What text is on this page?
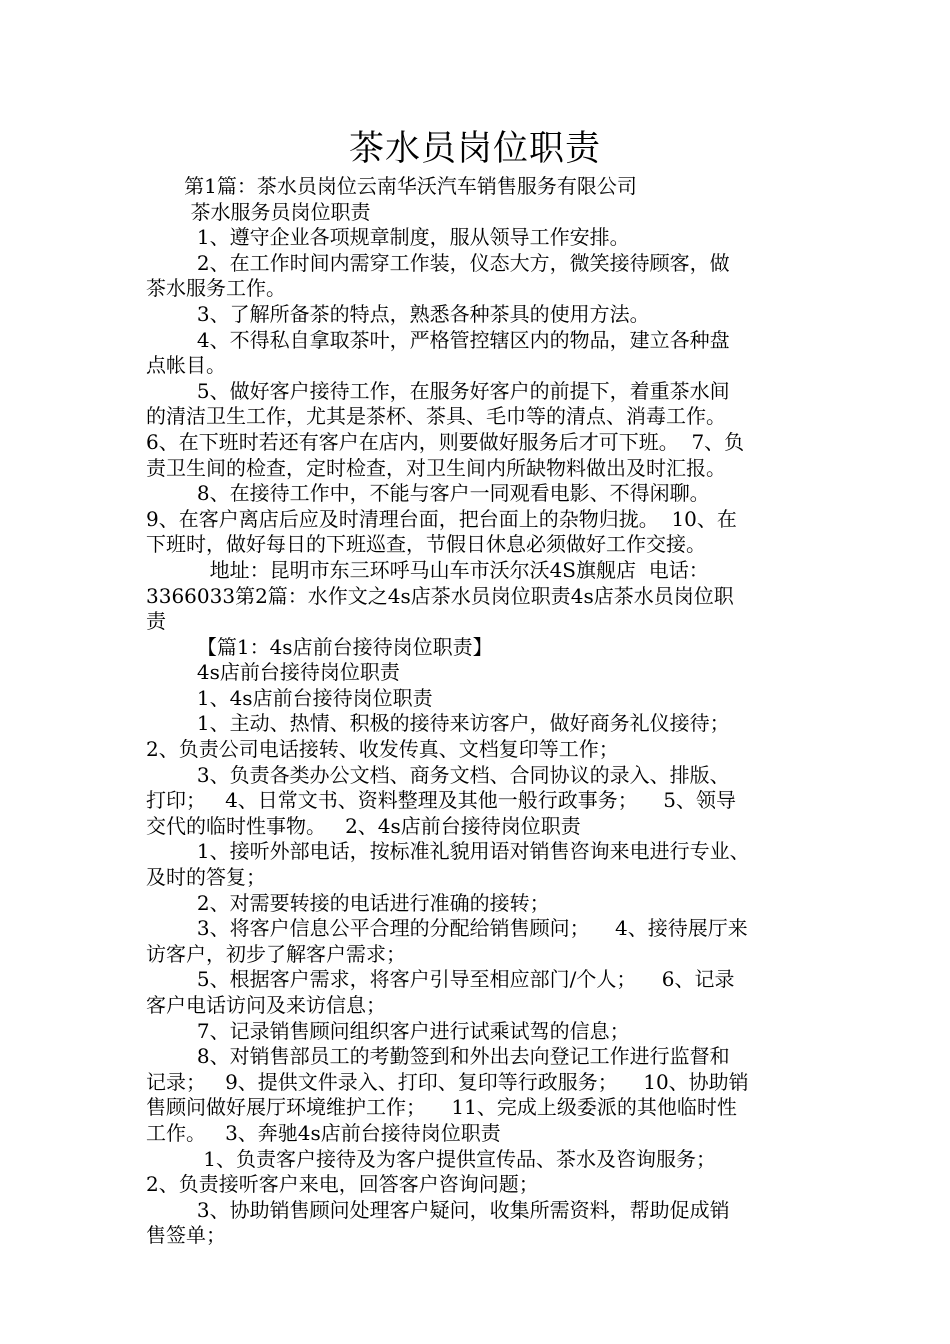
茶水员岗位职责
第1篇：茶水员岗位云南华沃汽车销售服务有限公司
茶水服务员岗位职责
1、遵守企业各项规章制度，服从领导工作安排。
2、在工作时间内需穿工作装，仪态大方，微笑接待顾客，做
茶水服务工作。
3、了解所备茶的特点，熟悉各种茶具的使用方法。
4、不得私自拿取茶叶，严格管控辖区内的物品，建立各种盘
点帐目。
5、做好客户接待工作，在服务好客户的前提下，着重茶水间
的清洁卫生工作，尤其是茶杯、茶具、毛巾等的清点、消毒工作。
6、在下班时若还有客户在店内，则要做好服务后才可下班。  7、负
责卫生间的检查，定时检查，对卫生间内所缺物料做出及时汇报。
8、在接待工作中，不能与客户一同观看电影、不得闲聊。
9、在客户离店后应及时清理台面，把台面上的杂物归拢。  10、在
下班时，做好每日的下班巡查，节假日休息必须做好工作交接。
地址：昆明市东三环呼马山车市沃尔沃4S旗舰店  电话：
3366033第2篇：水作文之4s店茶水员岗位职责4s店茶水员岗位职
责
【篇1：4s店前台接待岗位职责】
4s店前台接待岗位职责
1、4s店前台接待岗位职责
1、主动、热情、积极的接待来访客户，做好商务礼仪接待；
2、负责公司电话接转、收发传真、文档复印等工作；
3、负责各类办公文档、商务文档、合同协议的录入、排版、
打印；   4、日常文书、资料整理及其他一般行政事务；    5、领导
交代的临时性事物。   2、4s店前台接待岗位职责
1、接听外部电话，按标准礼貌用语对销售咨询来电进行专业、
及时的答复；
2、对需要转接的电话进行准确的接转；
3、将客户信息公平合理的分配给销售顾问；    4、接待展厅来
访客户，初步了解客户需求；
5、根据客户需求，将客户引导至相应部门/个人；    6、记录
客户电话访问及来访信息；
7、记录销售顾问组织客户进行试乘试驾的信息；
8、对销售部员工的考勤签到和外出去向登记工作进行监督和
记录；   9、提供文件录入、打印、复印等行政服务；    10、协助销
售顾问做好展厅环境维护工作；    11、完成上级委派的其他临时性
工作。   3、奔驰4s店前台接待岗位职责
1、负责客户接待及为客户提供宣传品、茶水及咨询服务；
2、负责接听客户来电，回答客户咨询问题；
3、协助销售顾问处理客户疑问，收集所需资料，帮助促成销
售签单；
